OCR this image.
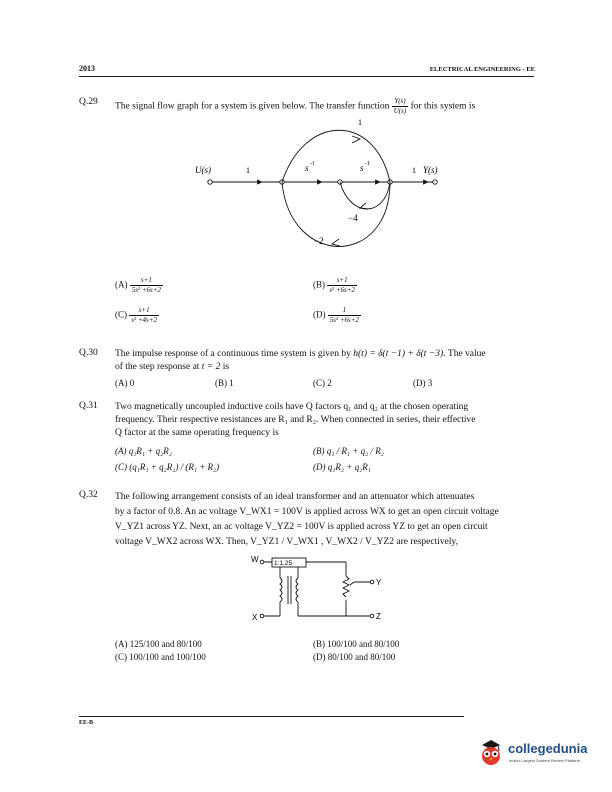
2013	ELECTRICAL ENGINEERING - EE
Q.29 The signal flow graph for a system is given below. The transfer function $\frac{Y(s)}{U(s)}$ for this system is
U(s)	1	s -1	s -1
1 Y(s)
1
−4
−2
$(A) \frac{s+1}{\text{5s² +6s+2}}$	$(B) \frac{s+1}{\text{s² +6s+2}}$
$(C) \frac{s+1}{\text{s² +4s+2}}$	$(D) \frac{1}{\text{5s² +6s+2}}$
Q.30 The impulse response of a continuous time system is given by h(t) = δ(t −1) + δ(t −3). The value
of the step response at t = 2 is
(A) 0	(B) 1	(C) 2	(D) 3
Q.31 Two magnetically uncoupled inductive coils have Q factors q₁ and q₂ at the chosen operating
frequency. Their respective resistances are R₁ and R₂. When connected in series, their effective
Q factor at the same operating frequency is
(A) q₁R₁ + q₂R₂	(B) q₁ / R₁ + q₂ / R₂
(C) (q₁R₁ + q₂R₂) / (R₁ + R₂)	(D) q₁R₂ + q₂R₁
Q.32 The following arrangement consists of an ideal transformer and an attenuator which attenuates
by a factor of 0.8. An ac voltage V_WX1 = 100V is applied across WX to get an open circuit voltage
V_YZ1 across YZ. Next, an ac voltage V_YZ2 = 100V is applied across YZ to get an open circuit
voltage V_WX2 across WX. Then, V_YZ1 / V_WX1 , V_WX2 / V_YZ2 are respectively,
1:1.25
W
X
Y
Z
(A) 125/100 and 80/100	(B) 100/100 and 80/100
(C) 100/100 and 100/100	(D) 80/100 and 80/100
EE-B
collegedunia
India's Largest Student Review Platform
